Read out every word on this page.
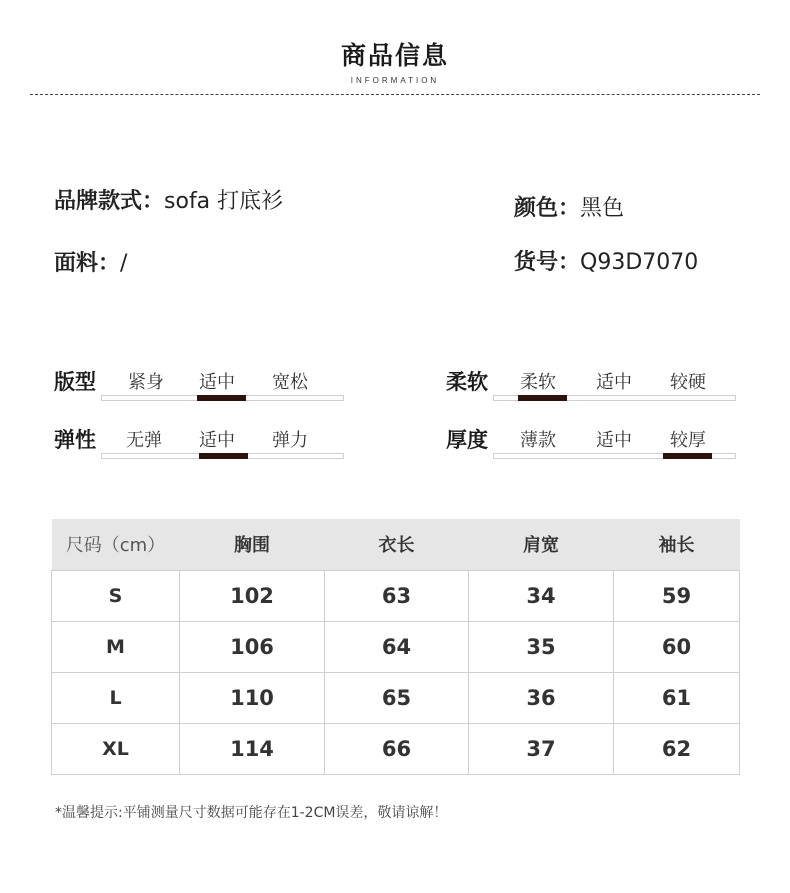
商品信息
INFORMATION
品牌款式：sofa 打底衫	颜色：黑色
面料：/	货号：Q93D7070
版型 紧身 适中 宽松	柔软 柔软 适中 较硬
弹性 无弹 适中 弹力	厚度 薄款 适中 较厚
尺码（cm）	胸围	衣长	肩宽	袖长
S	102	63	34	59
M	106	64	35	60
L	110	65	36	61
XL	114	66	37	62
*温馨提示:平铺测量尺寸数据可能存在1-2CM误差，敬请谅解！
